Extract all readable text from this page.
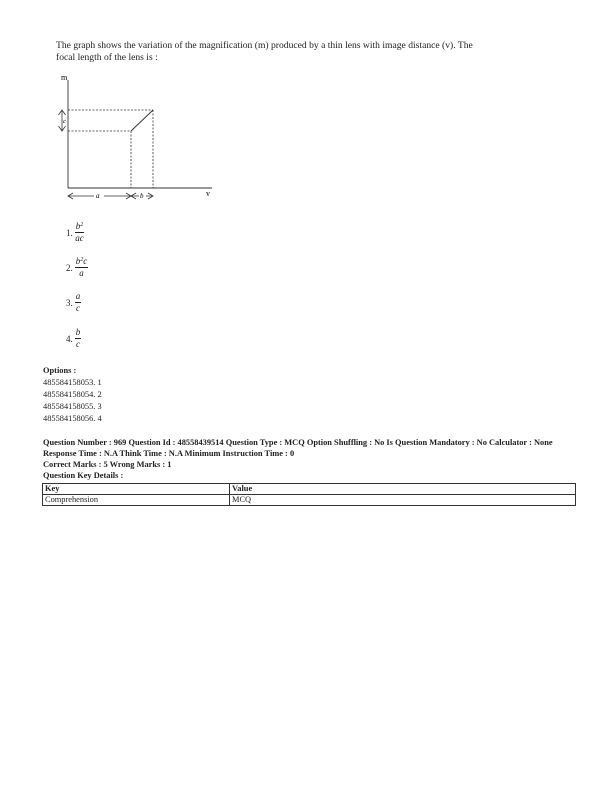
The graph shows the variation of the magnification (m) produced by a thin lens with image distance (v). The
focal length of the lens is :
m
v
c
a	b
1. $\frac{b^2}{ac}$
2. $\frac{b^2c}{a}$
3. $\frac{a}{c}$
4. $\frac{b}{c}$
Options :
485584158053. 1
485584158054. 2
485584158055. 3
485584158056. 4
Question Number : 969 Question Id : 48558439514 Question Type : MCQ Option Shuffling : No Is Question Mandatory : No Calculator : None
Response Time : N.A Think Time : N.A Minimum Instruction Time : 0
Correct Marks : 5 Wrong Marks : 1
Question Key Details :
Key	Value
Comprehension	MCQ
